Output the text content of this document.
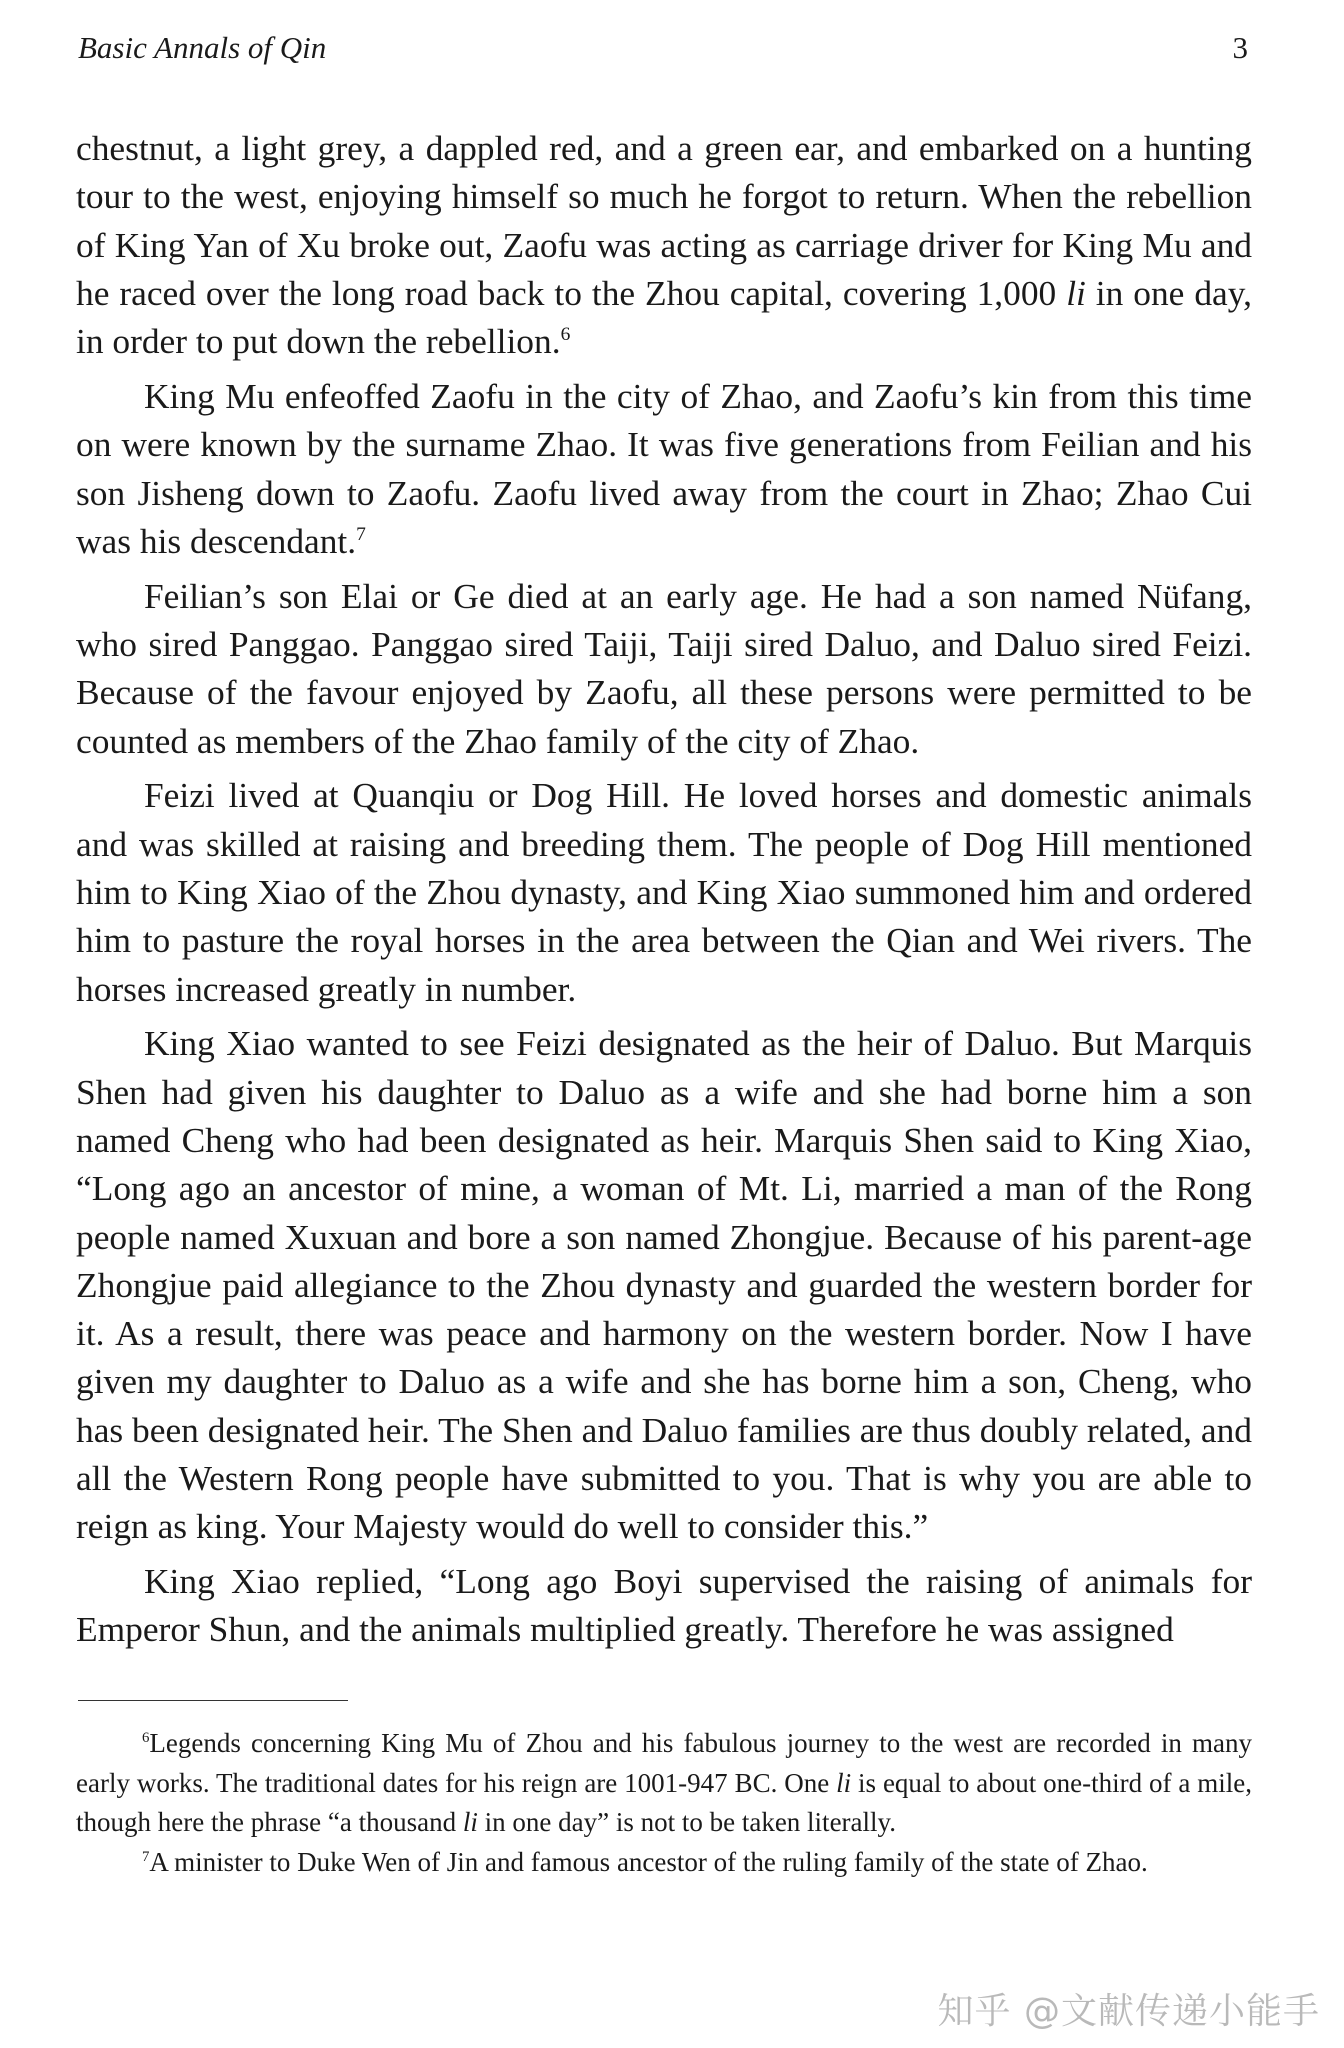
Basic Annals of Qin	3

chestnut, a light grey, a dappled red, and a green ear, and embarked on a hunting tour to the west, enjoying himself so much he forgot to return. When the rebellion of King Yan of Xu broke out, Zaofu was acting as carriage driver for King Mu and he raced over the long road back to the Zhou capital, covering 1,000 li in one day, in order to put down the rebellion.$^6$

King Mu enfeoffed Zaofu in the city of Zhao, and Zaofu’s kin from this time on were known by the surname Zhao. It was five generations from Feilian and his son Jisheng down to Zaofu. Zaofu lived away from the court in Zhao; Zhao Cui was his descendant.$^7$

Feilian’s son Elai or Ge died at an early age. He had a son named Nüfang, who sired Panggao. Panggao sired Taiji, Taiji sired Daluo, and Daluo sired Feizi. Because of the favour enjoyed by Zaofu, all these persons were permitted to be counted as members of the Zhao family of the city of Zhao.

Feizi lived at Quanqiu or Dog Hill. He loved horses and domestic animals and was skilled at raising and breeding them. The people of Dog Hill mentioned him to King Xiao of the Zhou dynasty, and King Xiao summoned him and ordered him to pasture the royal horses in the area between the Qian and Wei rivers. The horses increased greatly in number.

King Xiao wanted to see Feizi designated as the heir of Daluo. But Marquis Shen had given his daughter to Daluo as a wife and she had borne him a son named Cheng who had been designated as heir. Marquis Shen said to King Xiao, “Long ago an ancestor of mine, a woman of Mt. Li, married a man of the Rong people named Xuxuan and bore a son named Zhongjue. Because of his parent-age Zhongjue paid allegiance to the Zhou dynasty and guarded the western border for it. As a result, there was peace and harmony on the western border. Now I have given my daughter to Daluo as a wife and she has borne him a son, Cheng, who has been designated heir. The Shen and Daluo families are thus doubly related, and all the Western Rong people have submitted to you. That is why you are able to reign as king. Your Majesty would do well to consider this.”

King Xiao replied, “Long ago Boyi supervised the raising of animals for Emperor Shun, and the animals multiplied greatly. Therefore he was assigned

$^6$Legends concerning King Mu of Zhou and his fabulous journey to the west are recorded in many early works. The traditional dates for his reign are 1001-947 BC. One li is equal to about one-third of a mile, though here the phrase “a thousand li in one day” is not to be taken literally.

$^7$A minister to Duke Wen of Jin and famous ancestor of the ruling family of the state of Zhao.

知乎 @文献传递小能手
